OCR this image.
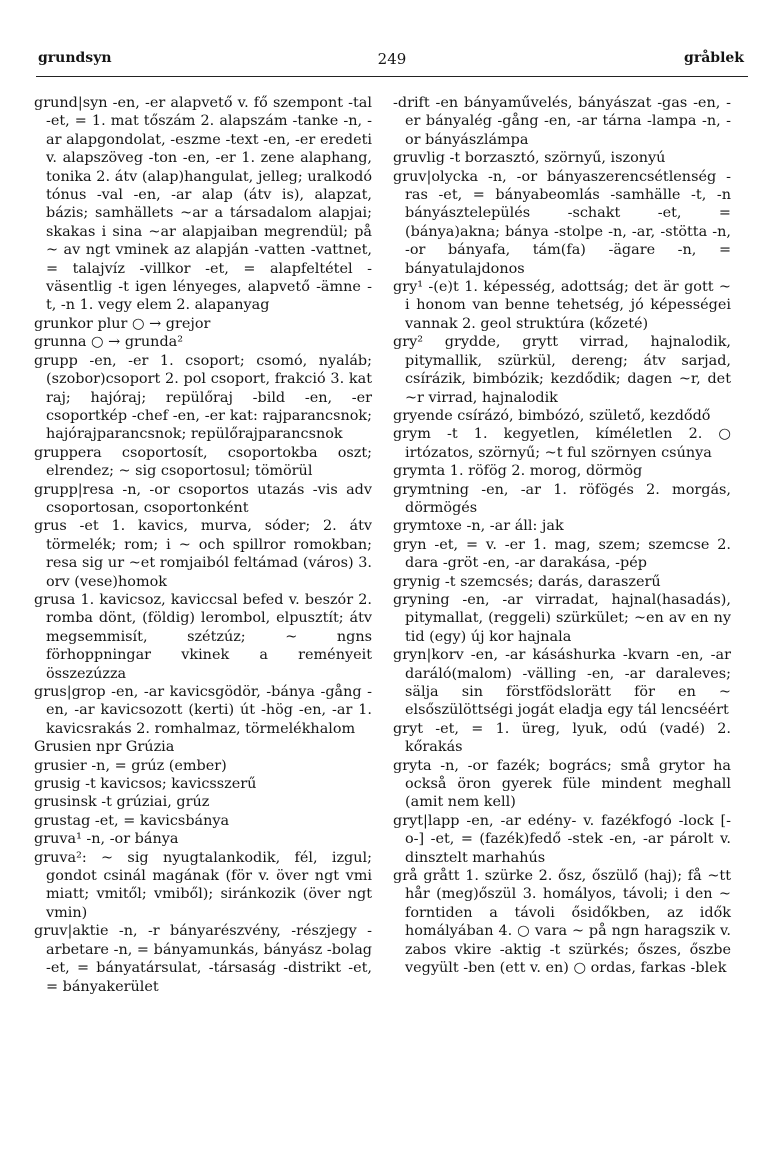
grundsyn	249	gråblek

grund|syn -en, -er alapvető v. fő szempont -tal -et, = 1. mat tőszám 2. alapszám -tanke -n, -ar alapgondolat, -eszme -text -en, -er eredeti v. alapszöveg -ton -en, -er 1. zene alaphang, tonika 2. átv (alap)hangulat, jelleg; uralkodó tónus -val -en, -ar alap (átv is), alapzat, bázis; samhällets ~ar a társadalom alapjai; skakas i sina ~ar alapjaiban megrendül; på ~ av ngt vminek az alapján -vatten -vattnet, = talajvíz -villkor -et, = alapfeltétel -väsentlig -t igen lényeges, alapvető -ämne -t, -n 1. vegy elem 2. alapanyag

grunkor plur ○ → grejor

grunna ○ → grunda²

grupp -en, -er 1. csoport; csomó, nyaláb; (szobor)csoport 2. pol csoport, frakció 3. kat raj; hajóraj; repülőraj -bild -en, -er csoportkép -chef -en, -er kat: rajparancsnok; hajórajparancsnok; repülőrajparancsnok

gruppera csoportosít, csoportokba oszt; elrendez; ~ sig csoportosul; tömörül

grupp|resa -n, -or csoportos utazás -vis adv csoportosan, csoportonként

grus -et 1. kavics, murva, sóder; 2. átv törmelék; rom; i ~ och spillror romokban; resa sig ur ~et romjaiból feltámad (város) 3. orv (vese)homok

grusa 1. kavicsoz, kaviccsal befed v. beszór 2. romba dönt, (földig) lerombol, elpusztít; átv megsemmisít, szétzúz; ~ ngns förhoppningar vkinek a reményeit összezúzza

grus|grop -en, -ar kavicsgödör, -bánya -gång -en, -ar kavicsozott (kerti) út -hög -en, -ar 1. kavicsrakás 2. romhalmaz, törmelékhalom

Grusien npr Grúzia

grusier -n, = grúz (ember)

grusig -t kavicsos; kavicsszerű

grusinsk -t grúziai, grúz

grustag -et, = kavicsbánya

gruva¹ -n, -or bánya

gruva²: ~ sig nyugtalankodik, fél, izgul; gondot csinál magának (för v. över ngt vmi miatt; vmitől; vmiből); siránkozik (över ngt vmin)

gruv|aktie -n, -r bányarészvény, -részjegy -arbetare -n, = bányamunkás, bányász -bolag -et, = bányatársulat, -társaság -distrikt -et, = bányakerület

-drift -en bányaművelés, bányászat -gas -en, -er bányalég -gång -en, -ar tárna -lampa -n, -or bányászlámpa

gruvlig -t borzasztó, szörnyű, iszonyú

gruv|olycka -n, -or bányaszerencsétlenség -ras -et, = bányabeomlás -samhälle -t, -n bányásztelepülés -schakt -et, = (bánya)akna; bánya -stolpe -n, -ar, -stötta -n, -or bányafa, tám(fa) -ägare -n, = bányatulajdonos

gry¹ -(e)t 1. képesség, adottság; det är gott ~ i honom van benne tehetség, jó képességei vannak 2. geol struktúra (kőzeté)

gry² grydde, grytt virrad, hajnalodik, pitymallik, szürkül, dereng; átv sarjad, csírázik, bimbózik; kezdődik; dagen ~r, det ~r virrad, hajnalodik

gryende csírázó, bimbózó, születő, kezdődő

grym -t 1. kegyetlen, kíméletlen 2. ○ irtózatos, szörnyű; ~t ful szörnyen csúnya

grymta 1. röfög 2. morog, dörmög

grymtning -en, -ar 1. röfögés 2. morgás, dörmögés

grymtoxe -n, -ar áll: jak

gryn -et, = v. -er 1. mag, szem; szemcse 2. dara -gröt -en, -ar darakása, -pép

grynig -t szemcsés; darás, daraszerű

gryning -en, -ar virradat, hajnal(hasadás), pitymallat, (reggeli) szürkület; ~en av en ny tid (egy) új kor hajnala

gryn|korv -en, -ar kásáshurka -kvarn -en, -ar daráló(malom) -välling -en, -ar daraleves; sälja sin förstfödslorätt för en ~ elsőszülöttségi jogát eladja egy tál lencséért

gryt -et, = 1. üreg, lyuk, odú (vadé) 2. kőrakás

gryta -n, -or fazék; bogrács; små grytor ha också öron gyerek füle mindent meghall (amit nem kell)

gryt|lapp -en, -ar edény- v. fazékfogó -lock [-o-] -et, = (fazék)fedő -stek -en, -ar párolt v. dinsztelt marhahús

grå grått 1. szürke 2. ősz, őszülő (haj); få ~tt hår (meg)őszül 3. homályos, távoli; i den ~ forntiden a távoli ősidőkben, az idők homályában 4. ○ vara ~ på ngn haragszik v. zabos vkire -aktig -t szürkés; őszes, őszbe vegyült -ben (ett v. en) ○ ordas, farkas -blek
